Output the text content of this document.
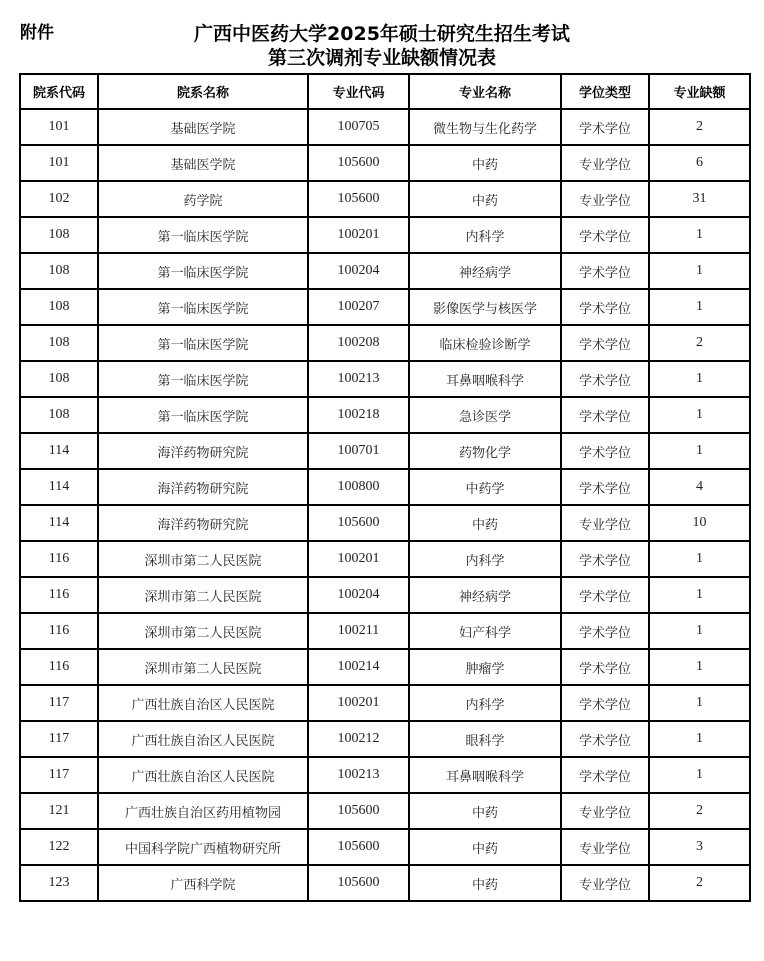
附件	广西中医药大学2025年硕士研究生招生考试
第三次调剂专业缺额情况表
院系代码	院系名称	专业代码	专业名称	学位类型	专业缺额
101	基础医学院	100705	微生物与生化药学	学术学位	2
101	基础医学院	105600	中药	专业学位	6
102	药学院	105600	中药	专业学位	31
108	第一临床医学院	100201	内科学	学术学位	1
108	第一临床医学院	100204	神经病学	学术学位	1
108	第一临床医学院	100207	影像医学与核医学	学术学位	1
108	第一临床医学院	100208	临床检验诊断学	学术学位	2
108	第一临床医学院	100213	耳鼻咽喉科学	学术学位	1
108	第一临床医学院	100218	急诊医学	学术学位	1
114	海洋药物研究院	100701	药物化学	学术学位	1
114	海洋药物研究院	100800	中药学	学术学位	4
114	海洋药物研究院	105600	中药	专业学位	10
116	深圳市第二人民医院	100201	内科学	学术学位	1
116	深圳市第二人民医院	100204	神经病学	学术学位	1
116	深圳市第二人民医院	100211	妇产科学	学术学位	1
116	深圳市第二人民医院	100214	肿瘤学	学术学位	1
117	广西壮族自治区人民医院	100201	内科学	学术学位	1
117	广西壮族自治区人民医院	100212	眼科学	学术学位	1
117	广西壮族自治区人民医院	100213	耳鼻咽喉科学	学术学位	1
121	广西壮族自治区药用植物园	105600	中药	专业学位	2
122	中国科学院广西植物研究所	105600	中药	专业学位	3
123	广西科学院	105600	中药	专业学位	2
